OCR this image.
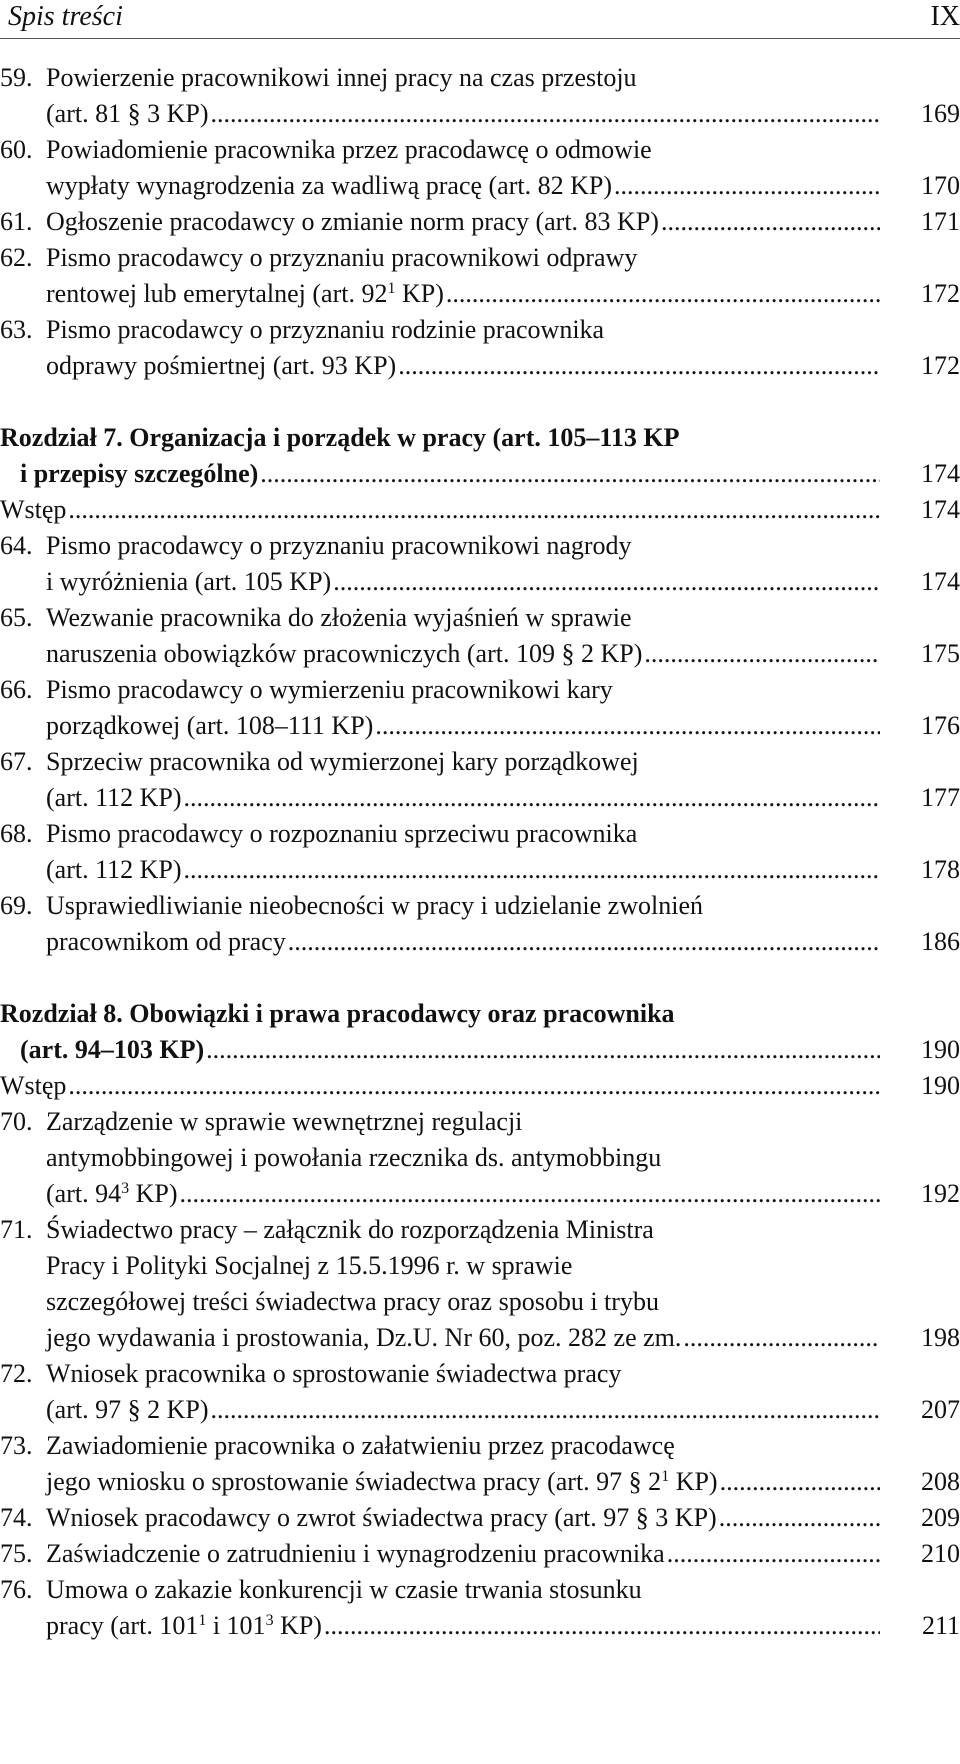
Spis treści	IX
59. Powierzenie pracownikowi innej pracy na czas przestoju
(art. 81 § 3 KP) .....	169
60. Powiadomienie pracownika przez pracodawcę o odmowie
wypłaty wynagrodzenia za wadliwą pracę (art. 82 KP) .....	170
61. Ogłoszenie pracodawcy o zmianie norm pracy (art. 83 KP) .....	171
62. Pismo pracodawcy o przyznaniu pracownikowi odprawy
rentowej lub emerytalnej (art. $92^1$ KP) .....	172
63. Pismo pracodawcy o przyznaniu rodzinie pracownika
odprawy pośmiertnej (art. 93 KP) .....	172
Rozdział 7. Organizacja i porządek w pracy (art. 105–113 KP
i przepisy szczególne) .....	174
Wstęp .....	174
64. Pismo pracodawcy o przyznaniu pracownikowi nagrody
i wyróżnienia (art. 105 KP) .....	174
65. Wezwanie pracownika do złożenia wyjaśnień w sprawie
naruszenia obowiązków pracowniczych (art. 109 § 2 KP) .....	175
66. Pismo pracodawcy o wymierzeniu pracownikowi kary
porządkowej (art. 108–111 KP) .....	176
67. Sprzeciw pracownika od wymierzonej kary porządkowej
(art. 112 KP) .....	177
68. Pismo pracodawcy o rozpoznaniu sprzeciwu pracownika
(art. 112 KP) .....	178
69. Usprawiedliwianie nieobecności w pracy i udzielanie zwolnień
pracownikom od pracy .....	186
Rozdział 8. Obowiązki i prawa pracodawcy oraz pracownika
(art. 94–103 KP) .....	190
Wstęp .....	190
70. Zarządzenie w sprawie wewnętrznej regulacji
antymobbingowej i powołania rzecznika ds. antymobbingu
(art. $94^3$ KP) .....	192
71. Świadectwo pracy – załącznik do rozporządzenia Ministra
Pracy i Polityki Socjalnej z 15.5.1996 r. w sprawie
szczegółowej treści świadectwa pracy oraz sposobu i trybu
jego wydawania i prostowania, Dz.U. Nr 60, poz. 282 ze zm. .....	198
72. Wniosek pracownika o sprostowanie świadectwa pracy
(art. 97 § 2 KP) .....	207
73. Zawiadomienie pracownika o załatwieniu przez pracodawcę
jego wniosku o sprostowanie świadectwa pracy (art. 97 § $2^1$ KP) .....	208
74. Wniosek pracodawcy o zwrot świadectwa pracy (art. 97 § 3 KP) .....	209
75. Zaświadczenie o zatrudnieniu i wynagrodzeniu pracownika .....	210
76. Umowa o zakazie konkurencji w czasie trwania stosunku
pracy (art. $101^1$ i $101^3$ KP) .....	211
